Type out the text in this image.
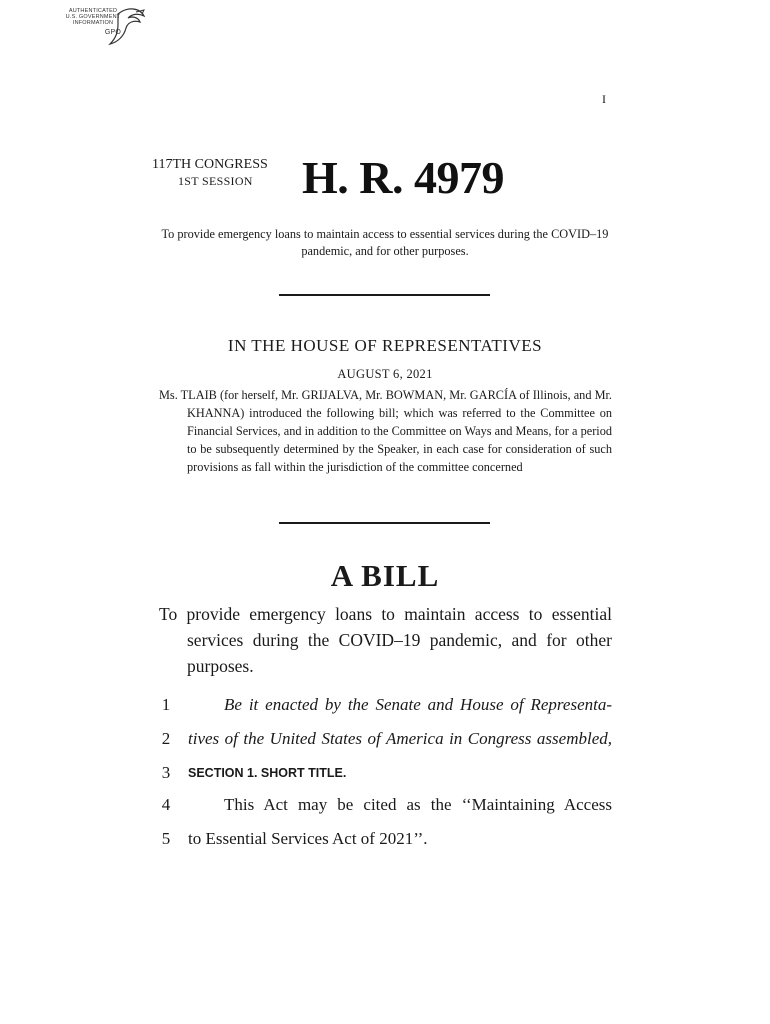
AUTHENTICATED
U.S. GOVERNMENT
INFORMATION
GPO
I
117TH CONGRESS
1ST SESSION H. R. 4979
To provide emergency loans to maintain access to essential services during the COVID–19 pandemic, and for other purposes.
IN THE HOUSE OF REPRESENTATIVES
AUGUST 6, 2021
Ms. TLAIB (for herself, Mr. GRIJALVA, Mr. BOWMAN, Mr. GARCÍA of Illinois, and Mr. KHANNA) introduced the following bill; which was referred to the Committee on Financial Services, and in addition to the Committee on Ways and Means, for a period to be subsequently determined by the Speaker, in each case for consideration of such provisions as fall within the jurisdiction of the committee concerned
A BILL
To provide emergency loans to maintain access to essential services during the COVID–19 pandemic, and for other purposes.
1	Be it enacted by the Senate and House of Representa-
2	tives of the United States of America in Congress assembled,
3	SECTION 1. SHORT TITLE.
4	This Act may be cited as the ‘‘Maintaining Access
5	to Essential Services Act of 2021’’.
